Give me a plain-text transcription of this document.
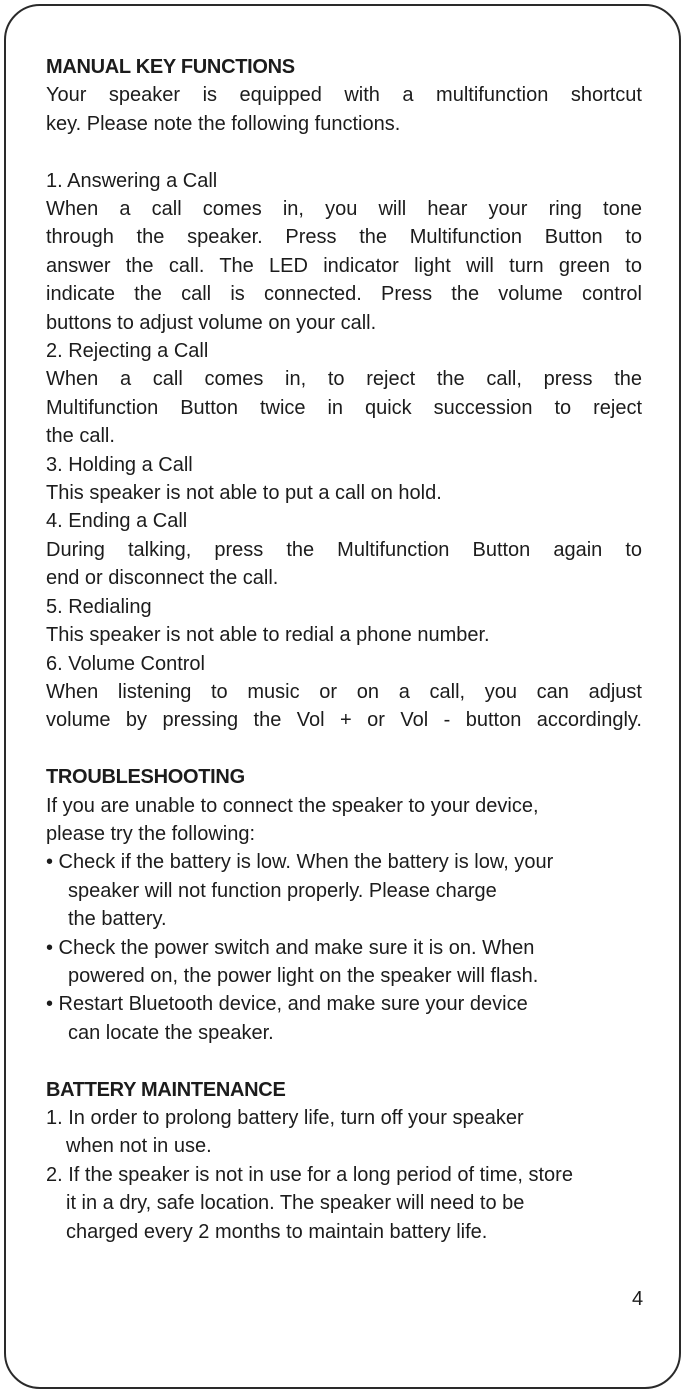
MANUAL KEY FUNCTIONS
Your speaker is equipped with a multifunction shortcut
key. Please note the following functions.
1. Answering a Call
When a call comes in, you will hear your ring tone
through the speaker. Press the Multifunction Button to
answer the call. The LED indicator light will turn green to
indicate the call is connected. Press the volume control
buttons to adjust volume on your call.
2. Rejecting a Call
When a call comes in, to reject the call, press the
Multifunction Button twice in quick succession to reject
the call.
3. Holding a Call
This speaker is not able to put a call on hold.
4. Ending a Call
During talking, press the Multifunction Button again to
end or disconnect the call.
5. Redialing
This speaker is not able to redial a phone number.
6. Volume Control
When listening to music or on a call, you can adjust
volume by pressing the Vol + or Vol - button accordingly.
TROUBLESHOOTING
If you are unable to connect the speaker to your device,
please try the following:
• Check if the battery is low. When the battery is low, your
speaker will not function properly. Please charge
the battery.
• Check the power switch and make sure it is on. When
powered on, the power light on the speaker will flash.
• Restart Bluetooth device, and make sure your device
can locate the speaker.
BATTERY MAINTENANCE
1. In order to prolong battery life, turn off your speaker
when not in use.
2. If the speaker is not in use for a long period of time, store
it in a dry, safe location. The speaker will need to be
charged every 2 months to maintain battery life.
4
